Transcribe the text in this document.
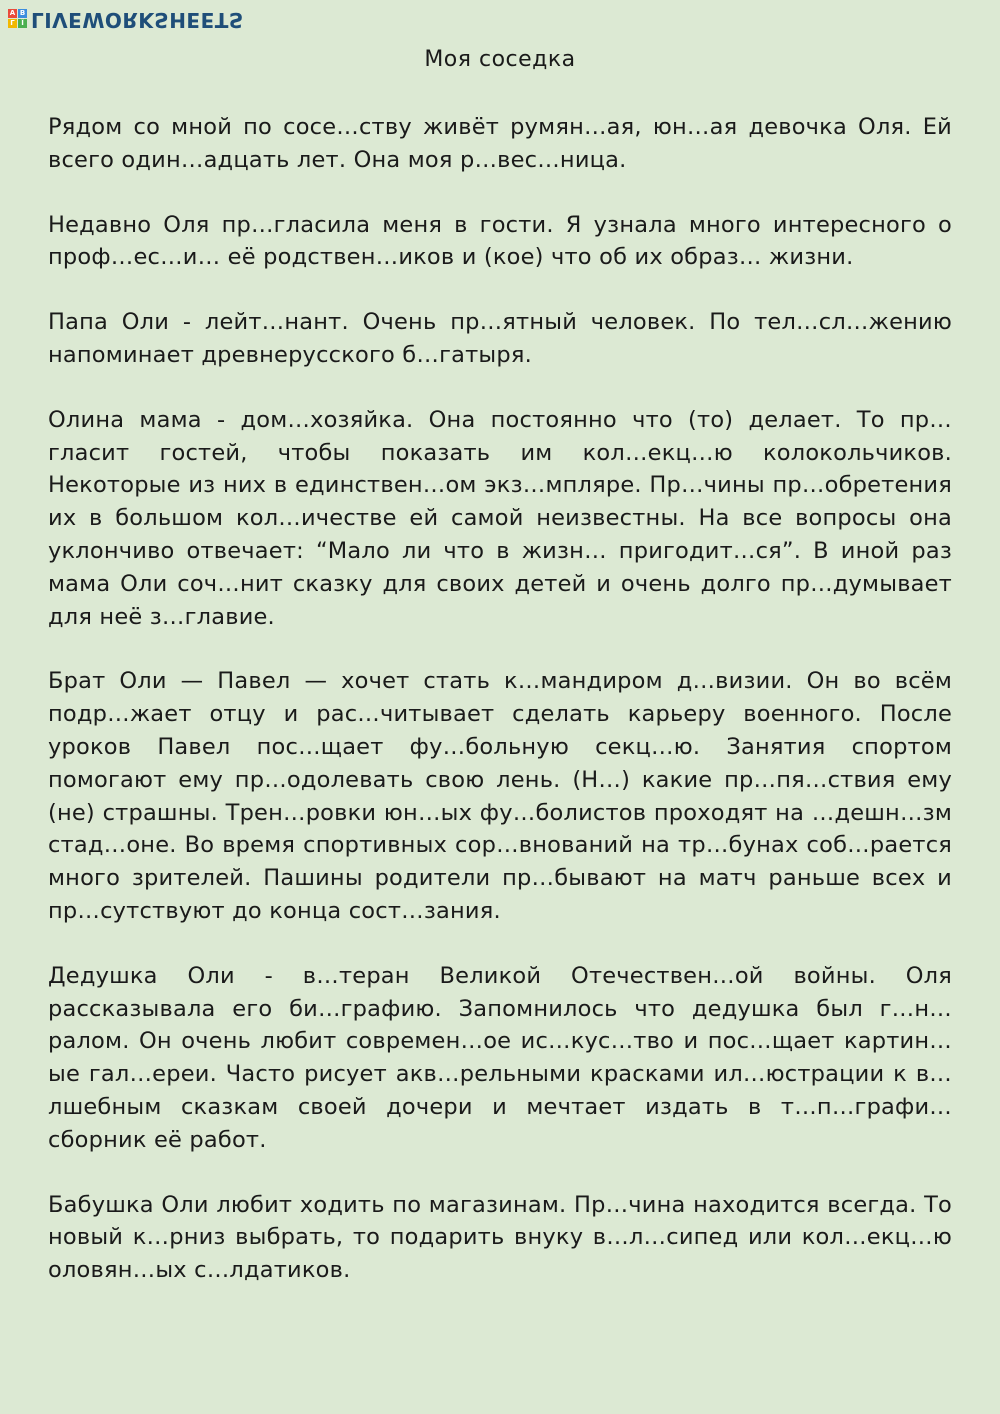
A B
Г Ї LIVEWORKSHEETS
Моя соседка

Рядом со мной по сосе…ству живёт румян…ая, юн…ая девочка Оля. Ей всего один…адцать лет. Она моя р…вес…ница.

Недавно Оля пр…гласила меня в гости. Я узнала много интересного о проф…ес…и… её родствен…иков и (кое) что об их образ… жизни.

Папа Оли - лейт…нант. Очень пр…ятный человек. По тел…сл…жению напоминает древнерусского б…гатыря.

Олина мама - дом…хозяйка. Она постоянно что (то) делает. То пр…гласит гостей, чтобы показать им кол…екц…ю колокольчиков. Некоторые из них в единствен…ом экз…мпляре. Пр…чины пр…обретения их в большом кол…ичестве ей самой неизвестны. На все вопросы она уклончиво отвечает: “Мало ли что в жизн… пригодит…ся”. В иной раз мама Оли соч…нит сказку для своих детей и очень долго пр…думывает для неё з…главие.

Брат Оли — Павел — хочет стать к…мандиром д…визии. Он во всём подр…жает отцу и рас…читывает сделать карьеру военного. После уроков Павел пос…щает фу…больную секц…ю. Занятия спортом помогают ему пр…одолевать свою лень. (Н…) какие пр…пя…ствия ему (не) страшны. Трен…ровки юн…ых фу…болистов проходят на …дешн…зм стад…оне. Во время спортивных сор…внований на тр…бунах соб…рается много зрителей. Пашины родители пр…бывают на матч раньше всех и пр…сутствуют до конца сост…зания.

Дедушка Оли - в…теран Великой Отечествен…ой войны. Оля рассказывала его би…графию. Запомнилось что дедушка был г…н…ралом. Он очень любит современ…ое ис…кус…тво и пос…щает картин…ые гал…ереи. Часто рисует акв…рельными красками ил…юстрации к в…лшебным сказкам своей дочери и мечтает издать в т…п…графи… сборник её работ.

Бабушка Оли любит ходить по магазинам. Пр…чина находится всегда. То новый к…рниз выбрать, то подарить внуку в…л…сипед или кол…екц…ю оловян…ых с…лдатиков.
